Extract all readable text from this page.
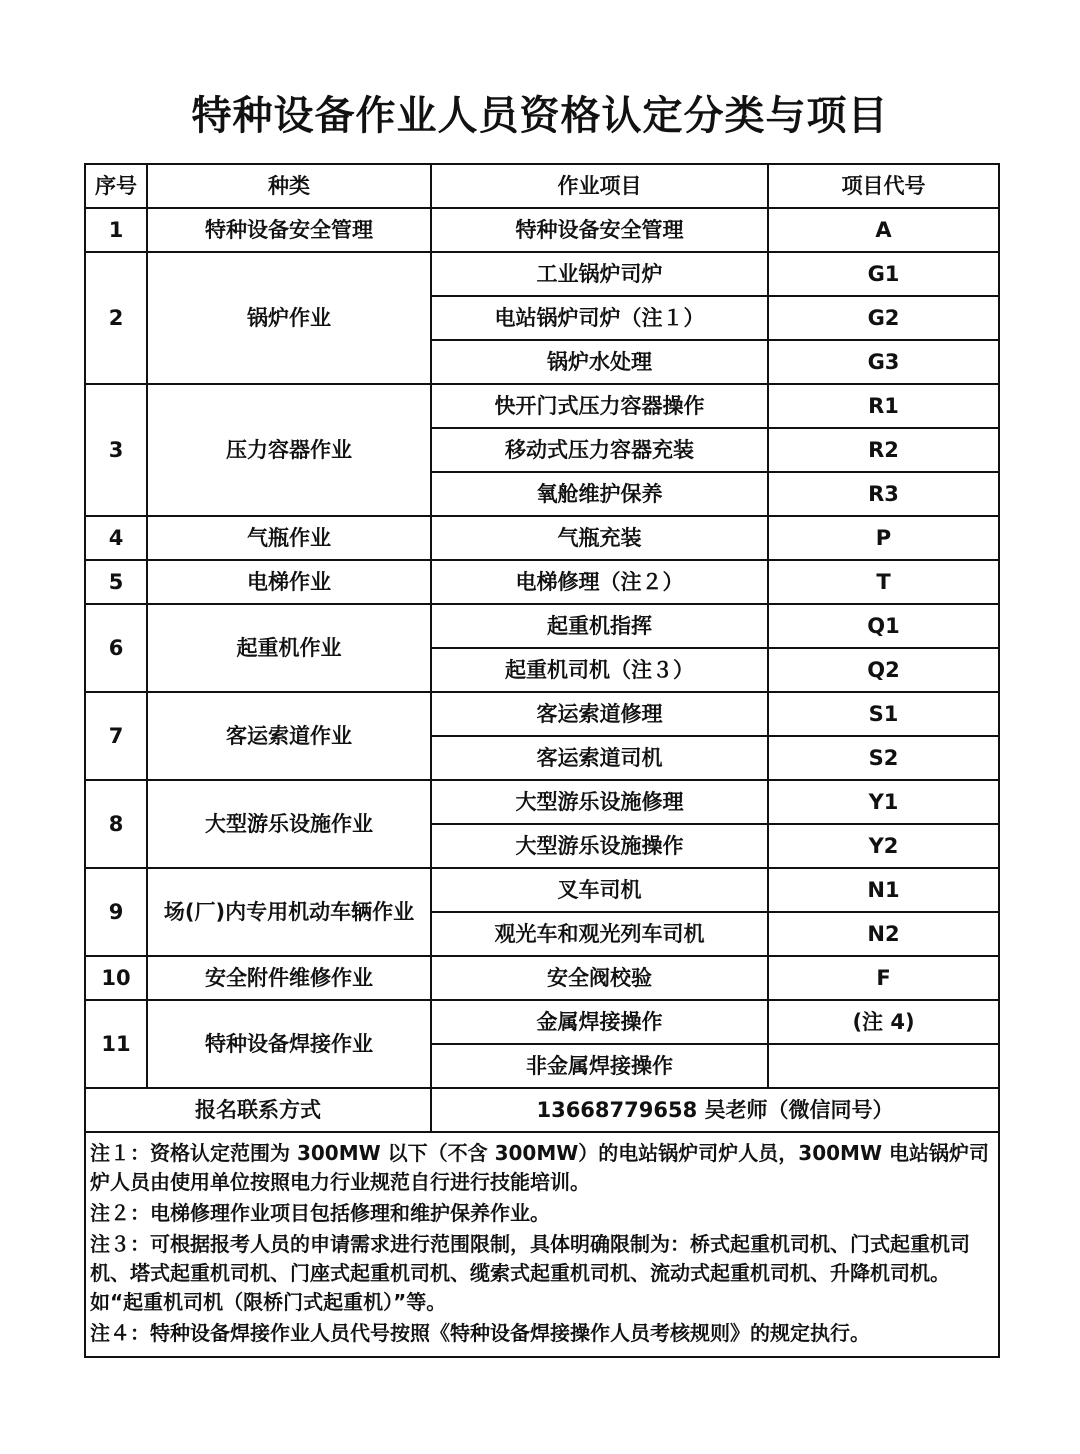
特种设备作业人员资格认定分类与项目
序号	种类	作业项目	项目代号
1	特种设备安全管理	特种设备安全管理	A
2	锅炉作业	工业锅炉司炉	G1
		电站锅炉司炉（注１）	G2
		锅炉水处理	G3
3	压力容器作业	快开门式压力容器操作	R1
		移动式压力容器充装	R2
		氧舱维护保养	R3
4	气瓶作业	气瓶充装	P
5	电梯作业	电梯修理（注２）	T
6	起重机作业	起重机指挥	Q1
		起重机司机（注３）	Q2
7	客运索道作业	客运索道修理	S1
		客运索道司机	S2
8	大型游乐设施作业	大型游乐设施修理	Y1
		大型游乐设施操作	Y2
9	场(厂)内专用机动车辆作业	叉车司机	N1
		观光车和观光列车司机	N2
10	安全附件维修作业	安全阀校验	F
11	特种设备焊接作业	金属焊接操作	(注 4)
		非金属焊接操作	
报名联系方式		13668779658 吴老师（微信同号）	

注１：资格认定范围为 300MW 以下（不含 300MW）的电站锅炉司炉人员，300MW 电站锅炉司炉人员由使用单位按照电力行业规范自行进行技能培训。

注２：电梯修理作业项目包括修理和维护保养作业。

注３：可根据报考人员的申请需求进行范围限制，具体明确限制为：桥式起重机司机、门式起重机司机、塔式起重机司机、门座式起重机司机、缆索式起重机司机、流动式起重机司机、升降机司机。如“起重机司机（限桥门式起重机）”等。

注４：特种设备焊接作业人员代号按照《特种设备焊接操作人员考核规则》的规定执行。			
